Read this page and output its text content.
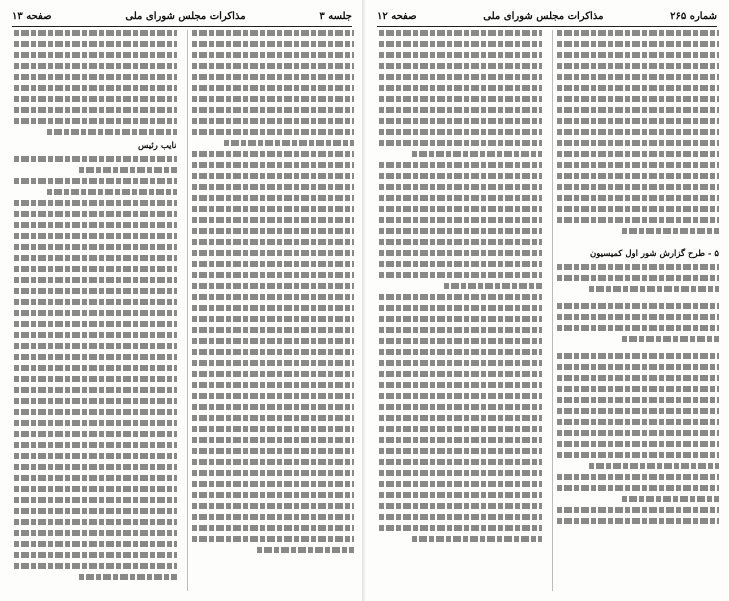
جلسه ۳
مذاکرات مجلس شورای ملی
صفحه ۱۳
نایب رئیس
شماره ۲۶۵
مذاکرات مجلس شورای ملی
صفحه ۱۲
۵ - طرح گزارش شور اول کمیسیون
